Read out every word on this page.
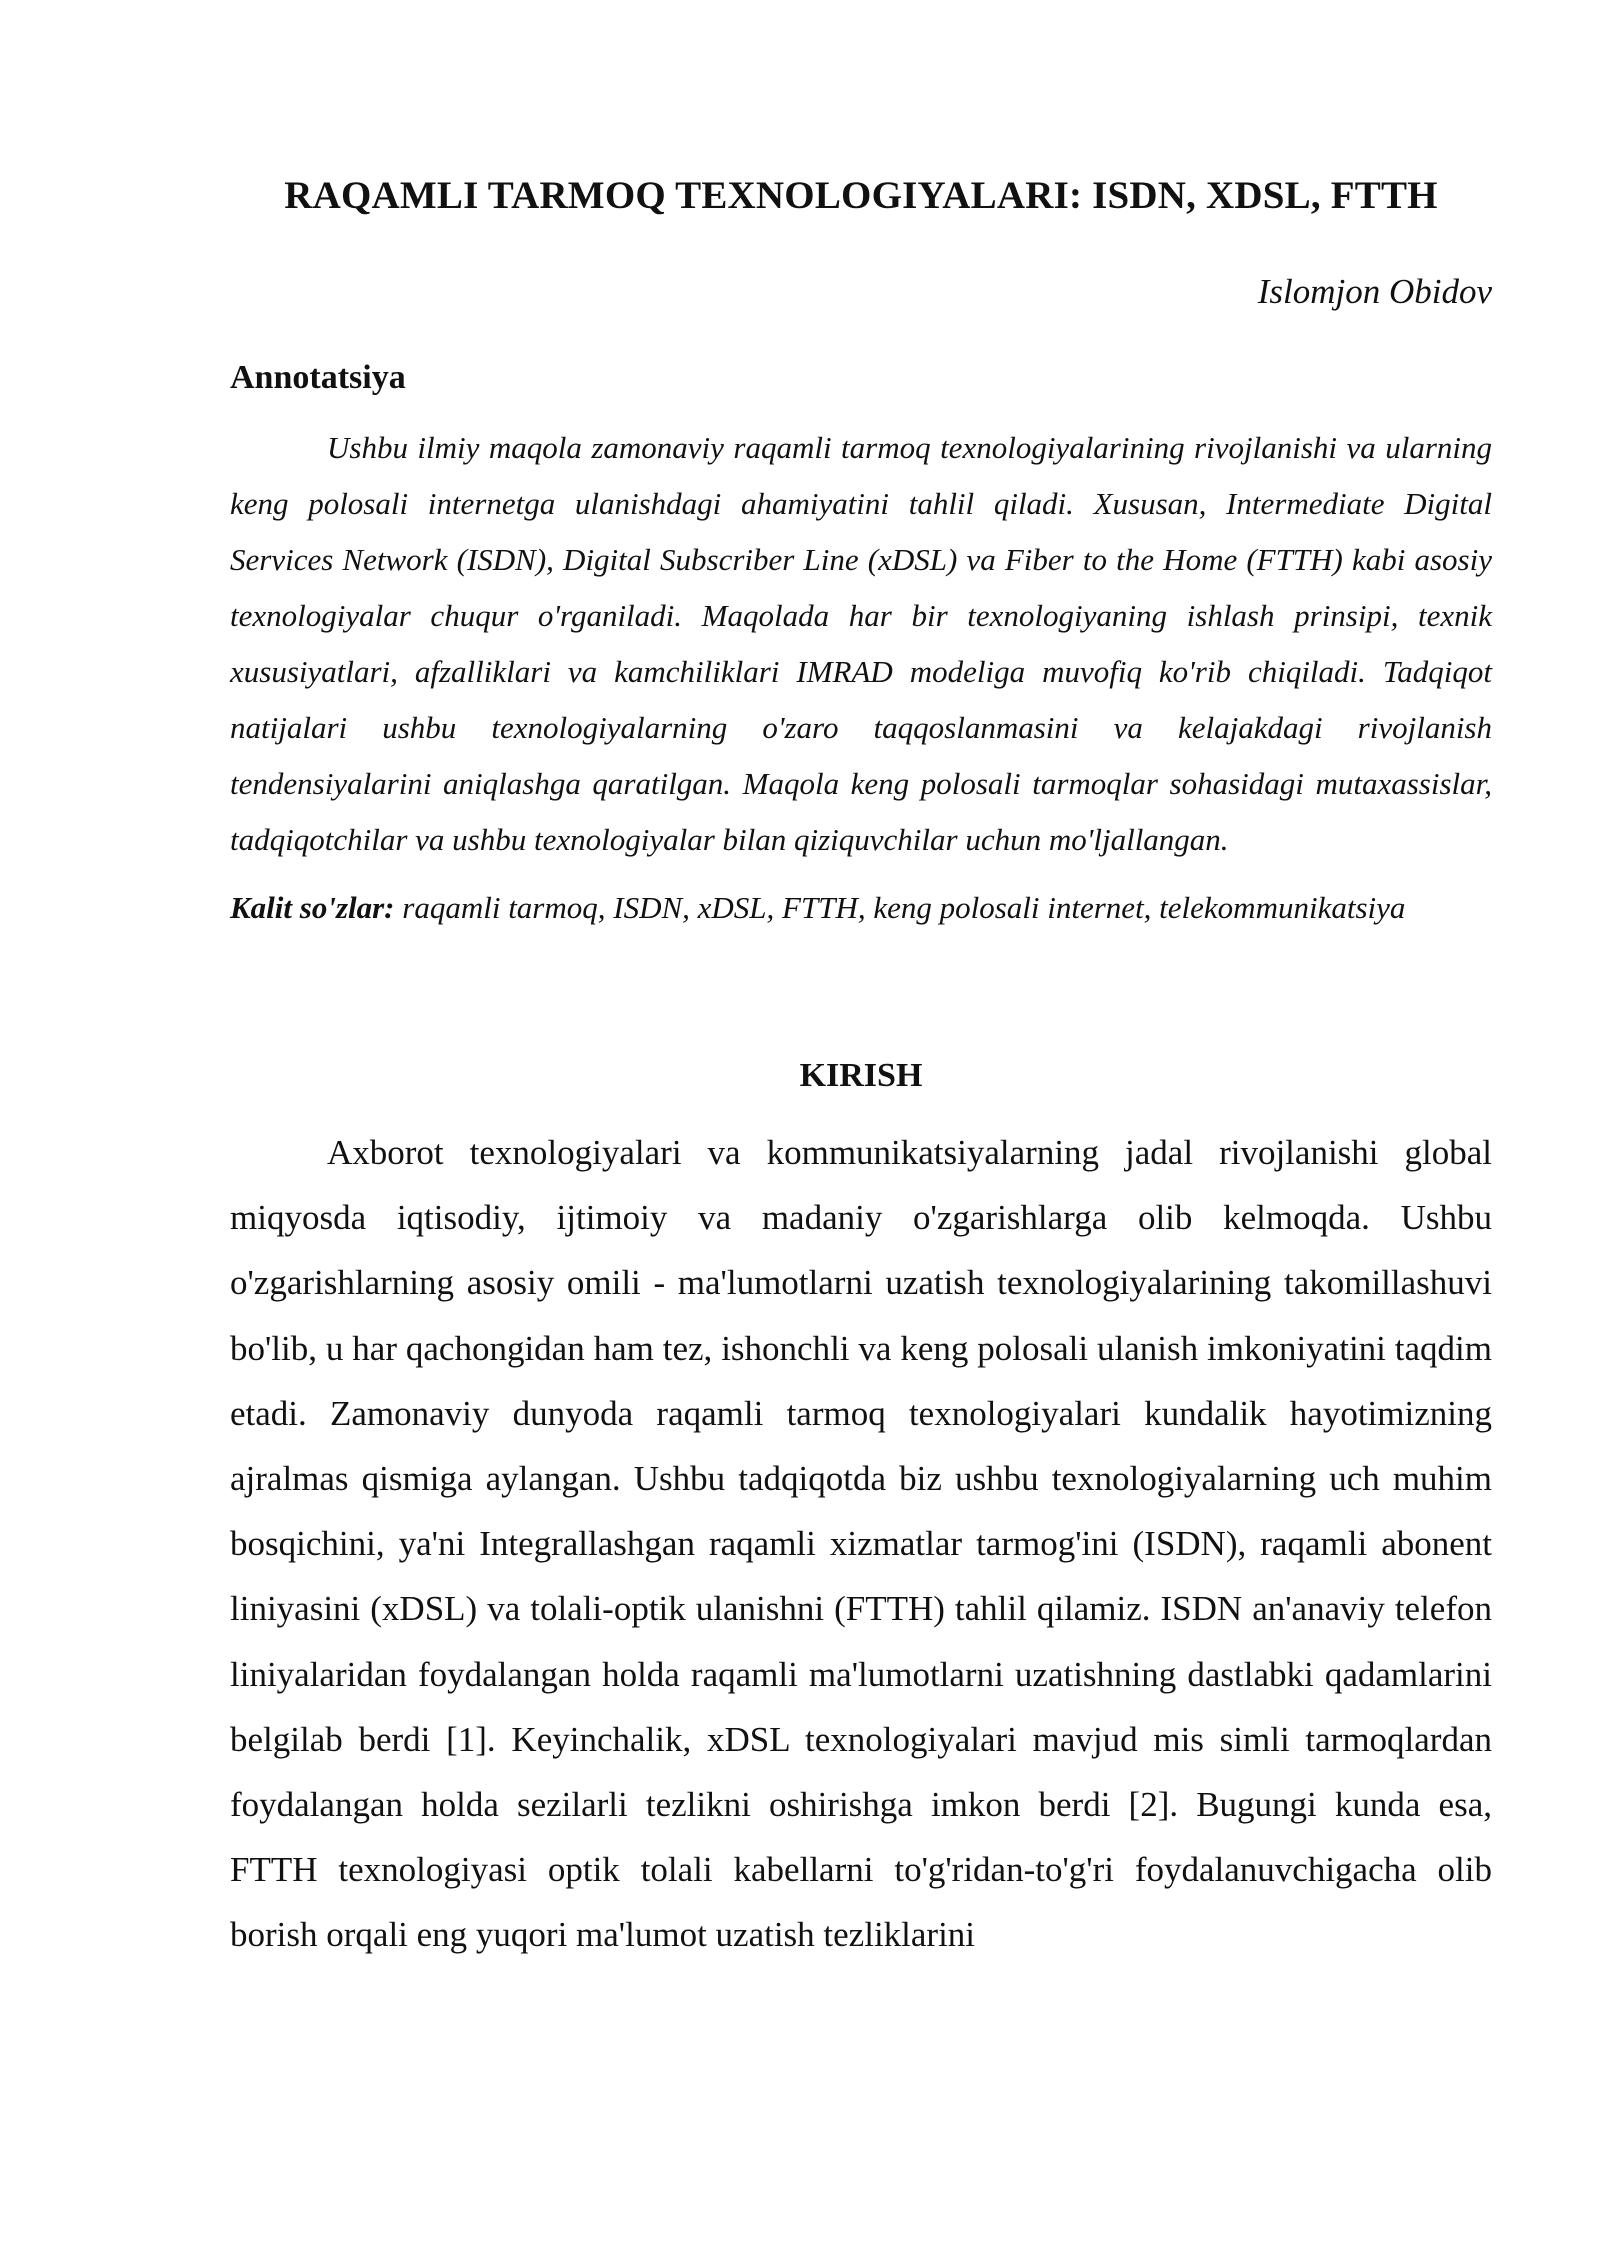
RAQAMLI TARMOQ TEXNOLOGIYALARI: ISDN, XDSL, FTTH
Islomjon Obidov
Annotatsiya

Ushbu ilmiy maqola zamonaviy raqamli tarmoq texnologiyalarining rivojlanishi va ularning keng polosali internetga ulanishdagi ahamiyatini tahlil qiladi. Xususan, Intermediate Digital Services Network (ISDN), Digital Subscriber Line (xDSL) va Fiber to the Home (FTTH) kabi asosiy texnologiyalar chuqur o'rganiladi. Maqolada har bir texnologiyaning ishlash prinsipi, texnik xususiyatlari, afzalliklari va kamchiliklari IMRAD modeliga muvofiq ko'rib chiqiladi. Tadqiqot natijalari ushbu texnologiyalarning o'zaro taqqoslanmasini va kelajakdagi rivojlanish tendensiyalarini aniqlashga qaratilgan. Maqola keng polosali tarmoqlar sohasidagi mutaxassislar, tadqiqotchilar va ushbu texnologiyalar bilan qiziquvchilar uchun mo'ljallangan.

Kalit so'zlar: raqamli tarmoq, ISDN, xDSL, FTTH, keng polosali internet, telekommunikatsiya
KIRISH

Axborot texnologiyalari va kommunikatsiyalarning jadal rivojlanishi global miqyosda iqtisodiy, ijtimoiy va madaniy o'zgarishlarga olib kelmoqda. Ushbu o'zgarishlarning asosiy omili - ma'lumotlarni uzatish texnologiyalarining takomillashuvi bo'lib, u har qachongidan ham tez, ishonchli va keng polosali ulanish imkoniyatini taqdim etadi. Zamonaviy dunyoda raqamli tarmoq texnologiyalari kundalik hayotimizning ajralmas qismiga aylangan. Ushbu tadqiqotda biz ushbu texnologiyalarning uch muhim bosqichini, ya'ni Integrallashgan raqamli xizmatlar tarmog'ini (ISDN), raqamli abonent liniyasini (xDSL) va tolali-optik ulanishni (FTTH) tahlil qilamiz. ISDN an'anaviy telefon liniyalaridan foydalangan holda raqamli ma'lumotlarni uzatishning dastlabki qadamlarini belgilab berdi [1]. Keyinchalik, xDSL texnologiyalari mavjud mis simli tarmoqlardan foydalangan holda sezilarli tezlikni oshirishga imkon berdi [2]. Bugungi kunda esa, FTTH texnologiyasi optik tolali kabellarni to'g'ridan-to'g'ri foydalanuvchigacha olib borish orqali eng yuqori ma'lumot uzatish tezliklarini
